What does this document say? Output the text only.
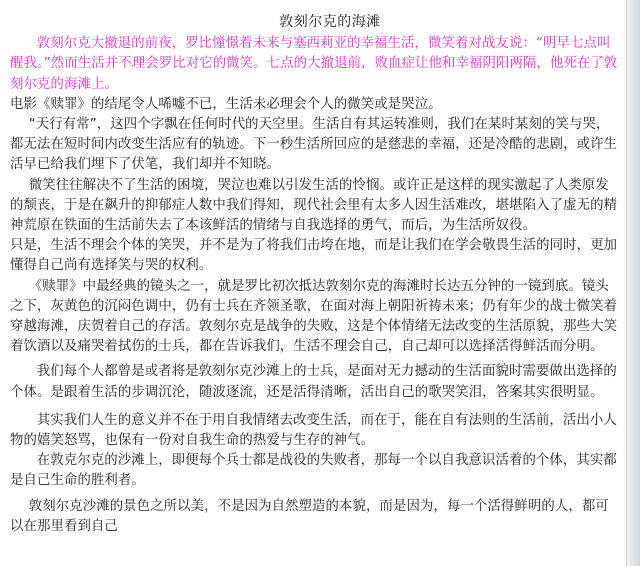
敦刻尔克的海滩

敦刻尔克大撤退的前夜，罗比憧憬着未来与塞西莉亚的幸福生活，微笑着对战友说：“明早七点叫醒我。”然而生活并不理会罗比对它的微笑。七点的大撤退前，败血症让他和幸福阴阳两隔，他死在了敦刻尔克的海滩上。

电影《赎罪》的结尾令人唏嘘不已，生活未必理会个人的微笑或是哭泣。

“天行有常”，这四个字飘在任何时代的天空里。生活自有其运转准则，我们在某时某刻的笑与哭，都无法在短时间内改变生活应有的轨迹。下一秒生活所回应的是慈悲的幸福，还是冷酷的悲剧，或许生活早已给我们埋下了伏笔，我们却并不知晓。

微笑往往解决不了生活的困境，哭泣也难以引发生活的怜悯。或许正是这样的现实激起了人类原发的颓丧，于是在飙升的抑郁症人数中我们得知，现代社会里有太多人因生活难改，堪堪陷入了虚无的精神荒原在铁面的生活前失去了本该鲜活的情绪与自我选择的勇气，而后，为生活所奴役。

只是，生活不理会个体的笑哭，并不是为了将我们击垮在地，而是让我们在学会敬畏生活的同时，更加懂得自己尚有选择笑与哭的权利。

《赎罪》中最经典的镜头之一，就是罗比初次抵达敦刻尔克的海滩时长达五分钟的一镜到底。镜头之下，灰黄色的沉闷色调中，仍有士兵在齐领圣歌，在面对海上朝阳祈祷未来；仍有年少的战士微笑着穿越海滩，庆贺着自己的存活。敦刻尔克是战争的失败，这是个体情绪无法改变的生活原貌，那些大笑着饮酒以及痛哭着拭伤的士兵，都在告诉我们，生活不理会自己，自己却可以选择活得鲜活而分明。

我们每个人都曾是或者将是敦刻尔克沙滩上的士兵，是面对无力撼动的生活面貌时需要做出选择的个体。是跟着生活的步调沉沦，随波逐流，还是活得清晰，活出自己的歌哭笑泪，答案其实很明显。

其实我们人生的意义并不在于用自我情绪去改变生活，而在于，能在自有法则的生活前，活出小人物的嬉笑怒骂，也保有一份对自我生命的热爱与生存的神气。

在敦克尔克的沙滩上，即便每个兵士都是战役的失败者，那每一个以自我意识活着的个体，其实都是自己生命的胜利者。

敦刻尔克沙滩的景色之所以美，不是因为自然塑造的本貌，而是因为，每一个活得鲜明的人，都可以在那里看到自己
